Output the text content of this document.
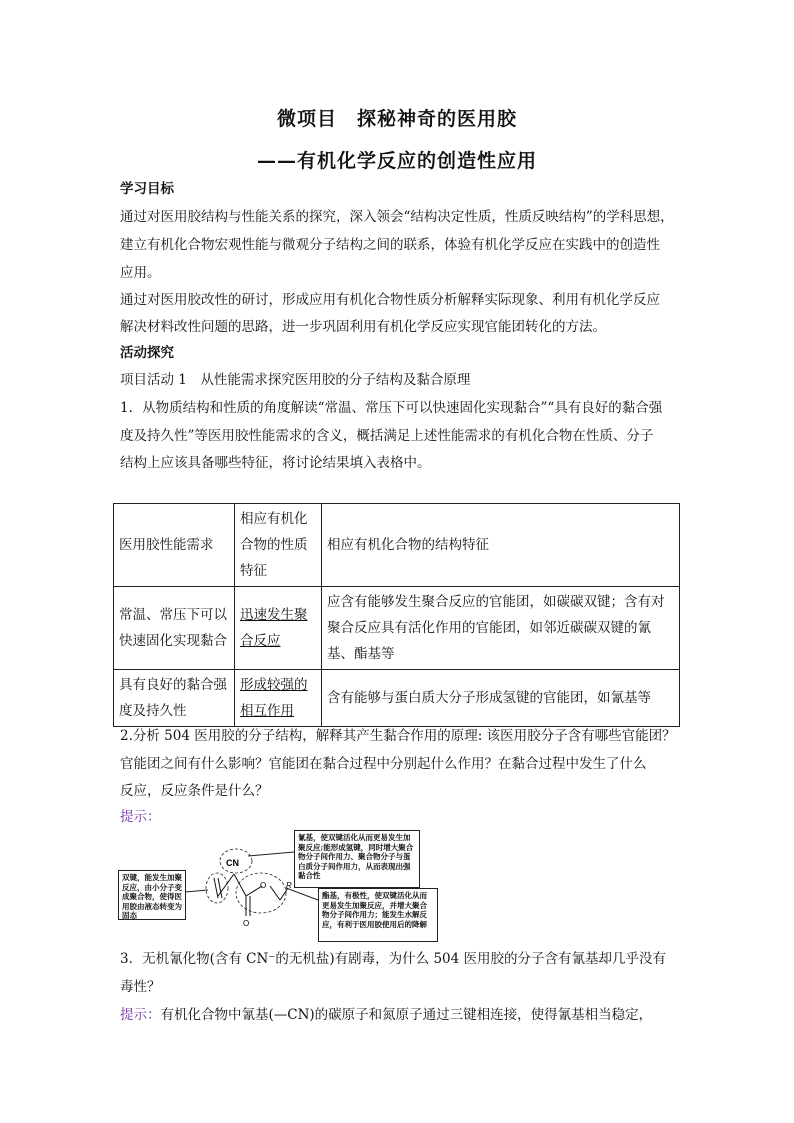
微项目　探秘神奇的医用胶
——有机化学反应的创造性应用
学习目标
通过对医用胶结构与性能关系的探究，深入领会“结构决定性质，性质反映结构”的学科思想，
建立有机化合物宏观性能与微观分子结构之间的联系，体验有机化学反应在实践中的创造性
应用。
通过对医用胶改性的研讨，形成应用有机化合物性质分析解释实际现象、利用有机化学反应
解决材料改性问题的思路，进一步巩固利用有机化学反应实现官能团转化的方法。
活动探究
项目活动 1　从性能需求探究医用胶的分子结构及黏合原理
1．从物质结构和性质的角度解读“常温、常压下可以快速固化实现黏合”“具有良好的黏合强
度及持久性”等医用胶性能需求的含义，概括满足上述性能需求的有机化合物在性质、分子
结构上应该具备哪些特征，将讨论结果填入表格中。
医用胶性能需求	相应有机化合物的性质特征	相应有机化合物的结构特征
常温、常压下可以快速固化实现黏合	迅速发生聚合反应	应含有能够发生聚合反应的官能团，如碳碳双键；含有对聚合反应具有活化作用的官能团，如邻近碳碳双键的氰基、酯基等
具有良好的黏合强度及持久性	形成较强的相互作用	含有能够与蛋白质大分子形成氢键的官能团，如氰基等
2.分析 504 医用胶的分子结构，解释其产生黏合作用的原理: 该医用胶分子含有哪些官能团？
官能团之间有什么影响？官能团在黏合过程中分别起什么作用？在黏合过程中发生了什么
反应，反应条件是什么？
提示：
双键，能发生加聚反应，由小分子变成聚合物，使得医用胶由液态转变为固态
氰基，使双键活化从而更易发生加聚反应;能形成氢键，同时增大聚合物分子间作用力、聚合物分子与蛋白质分子间作用力，从而表现出强黏合性
酯基，有极性，使双键活化从而更易发生加聚反应，并增大聚合物分子间作用力；能发生水解反应，有利于医用胶使用后的降解
CN
O
O
R
3．无机氰化物(含有 CN⁻的无机盐)有剧毒，为什么 504 医用胶的分子含有氰基却几乎没有
毒性？
提示：有机化合物中氰基(—CN)的碳原子和氮原子通过三键相连接，使得氰基相当稳定，
